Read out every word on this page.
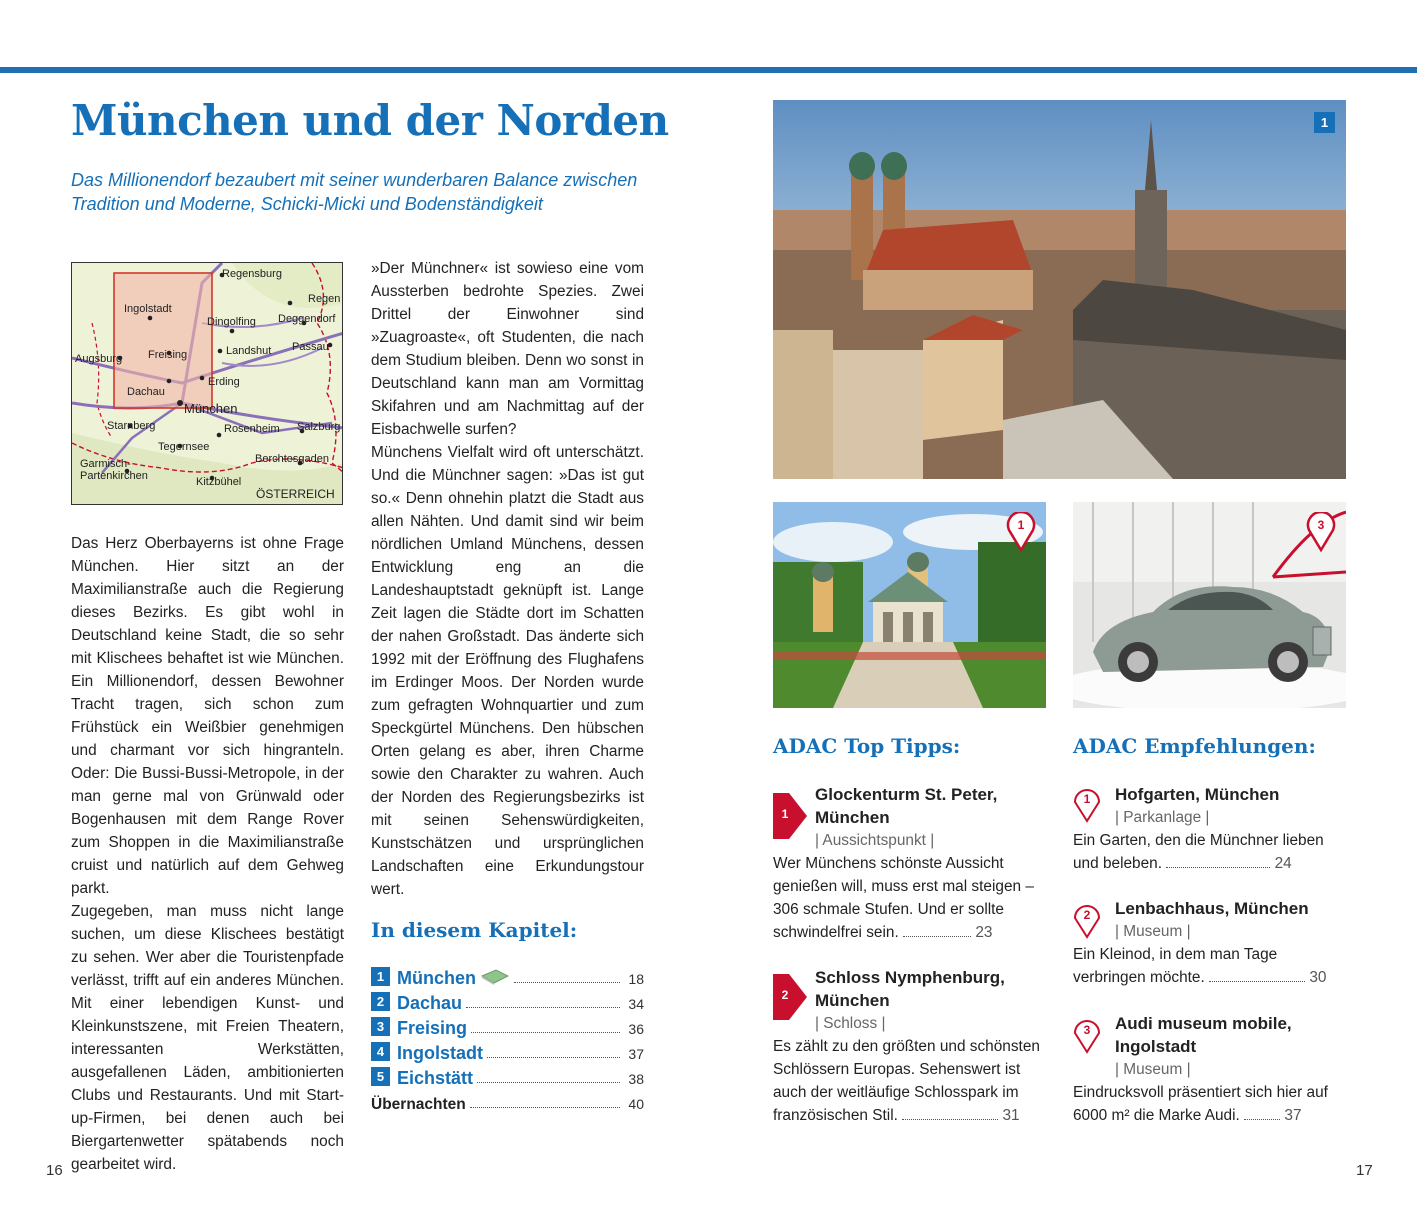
München und der Norden

Das Millionendorf bezaubert mit seiner wunderbaren Balance zwischen Tradition und Moderne, Schicki-Micki und Bodenständigkeit

Regensburg
Regen
Ingolstadt
Dingolfing Deggendorf
Passau
Augsburg Freising	Landshut
Dachau
Erding
München
Starnberg	Rosenheim Salzburg
Tegernsee
Garmisch-Partenkirchen
Berchtesgaden
Kitzbühel
ÖSTERREICH

Das Herz Oberbayerns ist ohne Frage München. Hier sitzt an der Maximilianstraße auch die Regierung dieses Bezirks. Es gibt wohl in Deutschland keine Stadt, die so sehr mit Klischees behaftet ist wie München. Ein Millionendorf, dessen Bewohner Tracht tragen, sich schon zum Frühstück ein Weißbier genehmigen und charmant vor sich hingranteln. Oder: Die Bussi-Bussi-Metropole, in der man gerne mal von Grünwald oder Bogenhausen mit dem Range Rover zum Shoppen in die Maximilianstraße cruist und natürlich auf dem Gehweg parkt.

Zugegeben, man muss nicht lange suchen, um diese Klischees bestätigt zu sehen. Wer aber die Touristenpfade verlässt, trifft auf ein anderes München. Mit einer lebendigen Kunst- und Kleinkunstszene, mit Freien Theatern, interessanten Werkstätten, ausgefallenen Läden, ambitionierten Clubs und Restaurants. Und mit Start-up-Firmen, bei denen auch bei Biergartenwetter spätabends noch gearbeitet wird.

»Der Münchner« ist sowieso eine vom Aussterben bedrohte Spezies. Zwei Drittel der Einwohner sind »Zuagroaste«, oft Studenten, die nach dem Studium bleiben. Denn wo sonst in Deutschland kann man am Vormittag Skifahren und am Nachmittag auf der Eisbachwelle surfen?

Münchens Vielfalt wird oft unterschätzt. Und die Münchner sagen: »Das ist gut so.« Denn ohnehin platzt die Stadt aus allen Nähten. Und damit sind wir beim nördlichen Umland Münchens, dessen Entwicklung eng an die Landeshauptstadt geknüpft ist. Lange Zeit lagen die Städte dort im Schatten der nahen Großstadt. Das änderte sich 1992 mit der Eröffnung des Flughafens im Erdinger Moos. Der Norden wurde zum gefragten Wohnquartier und zum Speckgürtel Münchens. Den hübschen Orten gelang es aber, ihren Charme sowie den Charakter zu wahren. Auch der Norden des Regierungsbezirks ist mit seinen Sehenswürdigkeiten, Kunstschätzen und ursprünglichen Landschaften eine Erkundungstour wert.

In diesem Kapitel:
1 München	18
2 Dachau	34
3 Freising	36
4 Ingolstadt	37
5 Eichstätt	38
Übernachten	40
1
1	3
ADAC Top Tipps:
1

Glockenturm St. Peter,

München

| Aussichtspunkt |

Wer Münchens schönste Aussicht genießen will, muss erst mal steigen – 306 schmale Stufen. Und er sollte schwindelfrei sein.	23

2

Schloss Nymphenburg,

München

| Schloss |

Es zählt zu den größten und schönsten Schlössern Europas. Sehenswert ist auch der weitläufige Schlosspark im französischen Stil.	31

ADAC Empfehlungen:
1	Hofgarten, München

| Parkanlage |

Ein Garten, den die Münchner lieben und beleben.	24

2	Lenbachhaus, München

| Museum |

Ein Kleinod, in dem man Tage verbringen möchte.	30

3	Audi museum mobile,

Ingolstadt

| Museum |

Eindrucksvoll präsentiert sich hier auf 6000 m² die Marke Audi.	37

16	17
